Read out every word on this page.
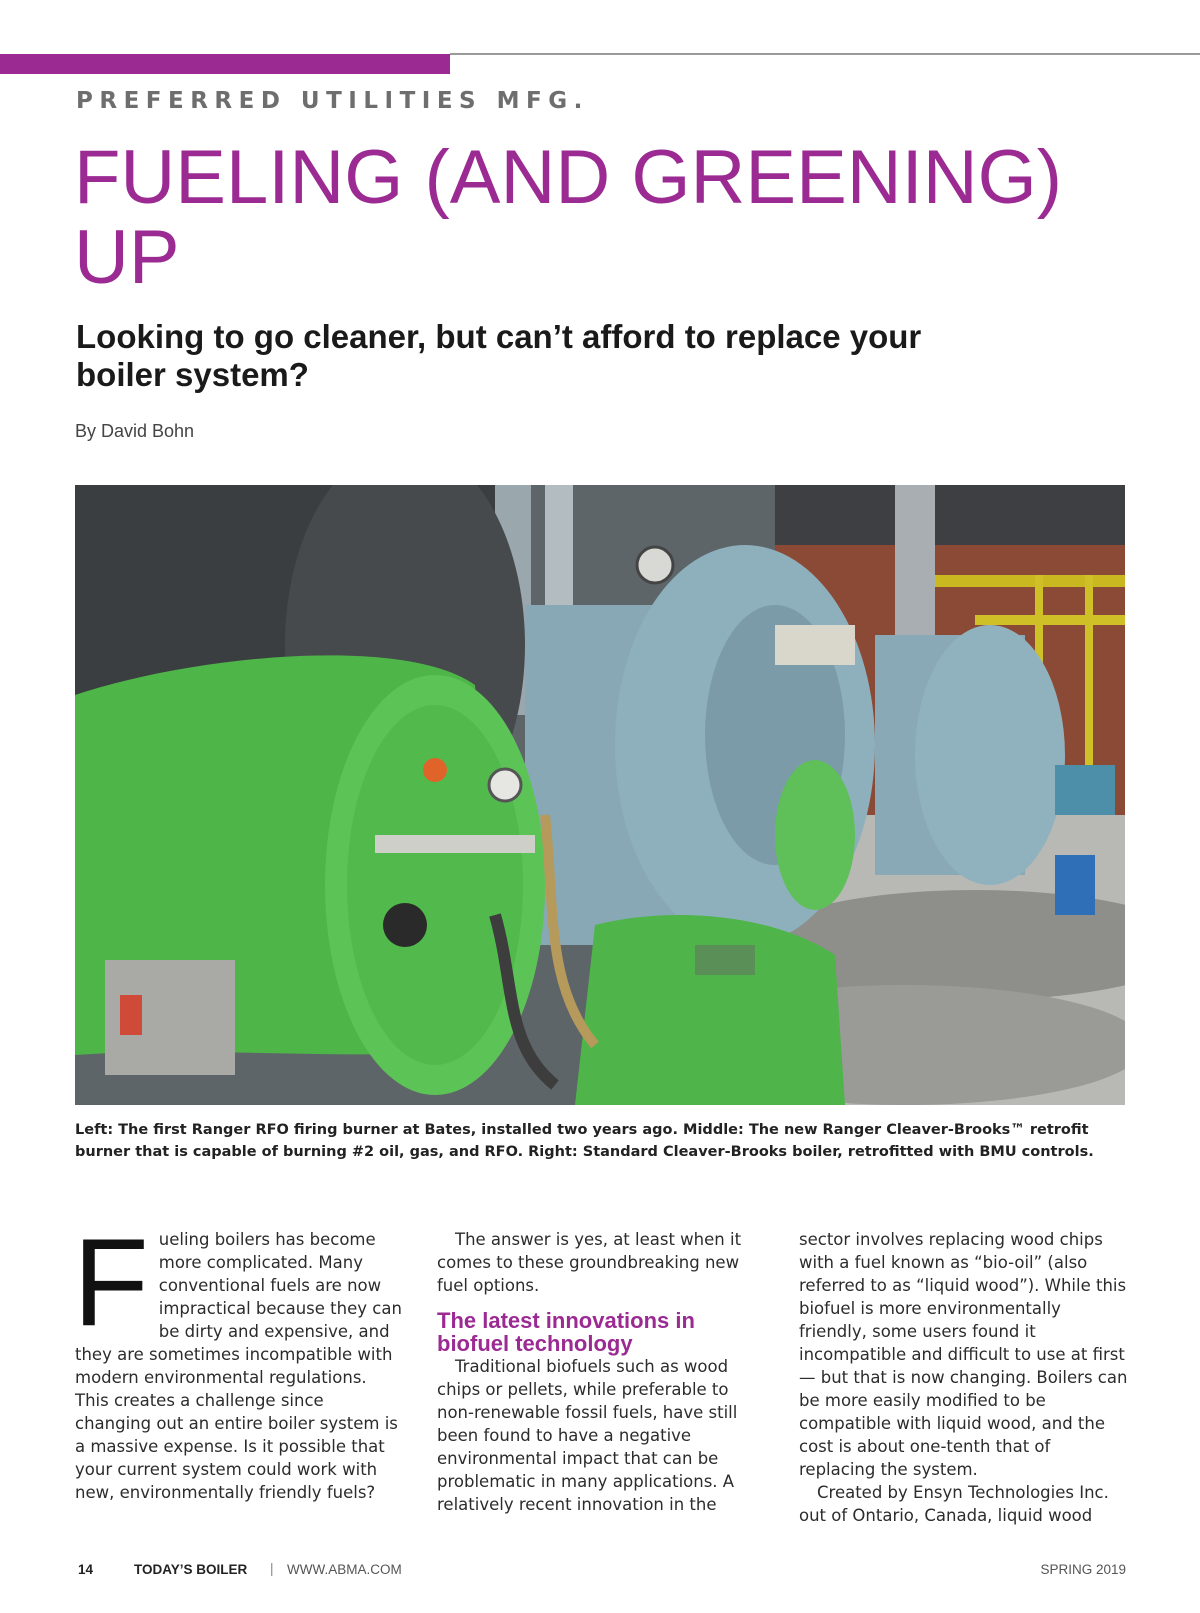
PREFERRED UTILITIES MFG.
FUELING (AND GREENING) UP
Looking to go cleaner, but can’t afford to replace your boiler system?
By David Bohn
Left: The first Ranger RFO firing burner at Bates, installed two years ago. Middle: The new Ranger Cleaver-Brooks™ retrofit burner that is capable of burning #2 oil, gas, and RFO. Right: Standard Cleaver-Brooks boiler, retrofitted with BMU controls.
F ueling boilers has become more complicated. Many conventional fuels are now impractical because they can be dirty and expensive, and they are sometimes incompatible with modern environmental regulations. This creates a challenge since changing out an entire boiler system is a massive expense. Is it possible that your current system could work with new, environmentally friendly fuels?

The answer is yes, at least when it comes to these groundbreaking new fuel options.

The latest innovations in biofuel technology

Traditional biofuels such as wood chips or pellets, while preferable to non-renewable fossil fuels, have still been found to have a negative environmental impact that can be problematic in many applications. A relatively recent innovation in the

sector involves replacing wood chips with a fuel known as “bio-oil” (also referred to as “liquid wood”). While this biofuel is more environmentally friendly, some users found it incompatible and difficult to use at first — but that is now changing. Boilers can be more easily modified to be compatible with liquid wood, and the cost is about one-tenth that of replacing the system.

Created by Ensyn Technologies Inc. out of Ontario, Canada, liquid wood

14	TODAY’S BOILER | WWW.ABMA.COM	SPRING 2019
